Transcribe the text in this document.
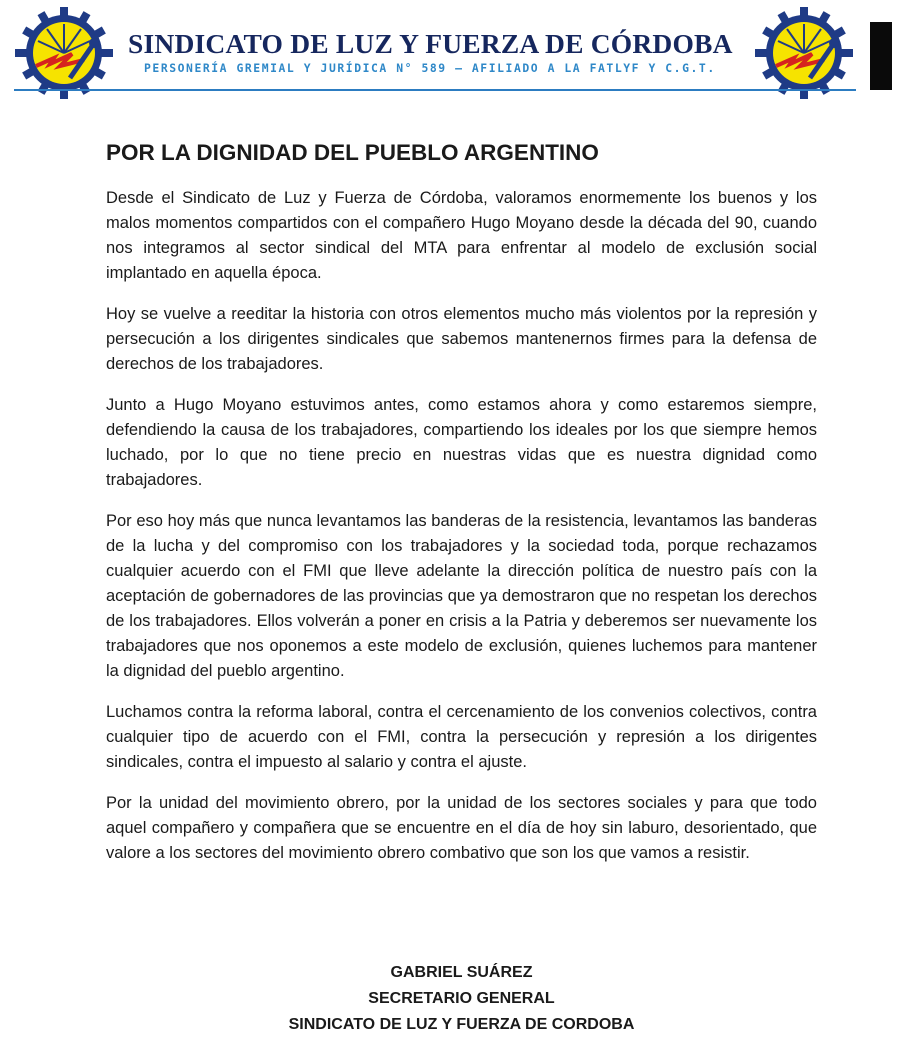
SINDICATO DE LUZ Y FUERZA DE CÓRDOBA
PERSONERÍA GREMIAL Y JURÍDICA N° 589 — AFILIADO A LA FATLYF Y C.G.T.
POR LA DIGNIDAD DEL PUEBLO ARGENTINO

Desde el Sindicato de Luz y Fuerza de Córdoba, valoramos enormemente los buenos y los malos momentos compartidos con el compañero Hugo Moyano desde la década del 90, cuando nos integramos al sector sindical del MTA para enfrentar al modelo de exclusión social implantado en aquella época.

Hoy se vuelve a reeditar la historia con otros elementos mucho más violentos por la represión y persecución a los dirigentes sindicales que sabemos mantenernos firmes para la defensa de derechos de los trabajadores.

Junto a Hugo Moyano estuvimos antes, como estamos ahora y como estaremos siempre, defendiendo la causa de los trabajadores, compartiendo los ideales por los que siempre hemos luchado, por lo que no tiene precio en nuestras vidas que es nuestra dignidad como trabajadores.

Por eso hoy más que nunca levantamos las banderas de la resistencia, levantamos las banderas de la lucha y del compromiso con los trabajadores y la sociedad toda, porque rechazamos cualquier acuerdo con el FMI que lleve adelante la dirección política de nuestro país con la aceptación de gobernadores de las provincias que ya demostraron que no respetan los derechos de los trabajadores. Ellos volverán a poner en crisis a la Patria y deberemos ser nuevamente los trabajadores que nos oponemos a este modelo de exclusión, quienes luchemos para mantener la dignidad del pueblo argentino.

Luchamos contra la reforma laboral, contra el cercenamiento de los convenios colectivos, contra cualquier tipo de acuerdo con el FMI, contra la persecución y represión a los dirigentes sindicales, contra el impuesto al salario y contra el ajuste.

Por la unidad del movimiento obrero, por la unidad de los sectores sociales y para que todo aquel compañero y compañera que se encuentre en el día de hoy sin laburo, desorientado, que valore a los sectores del movimiento obrero combativo que son los que vamos a resistir.

GABRIEL SUÁREZ
SECRETARIO GENERAL
SINDICATO DE LUZ Y FUERZA DE CORDOBA
